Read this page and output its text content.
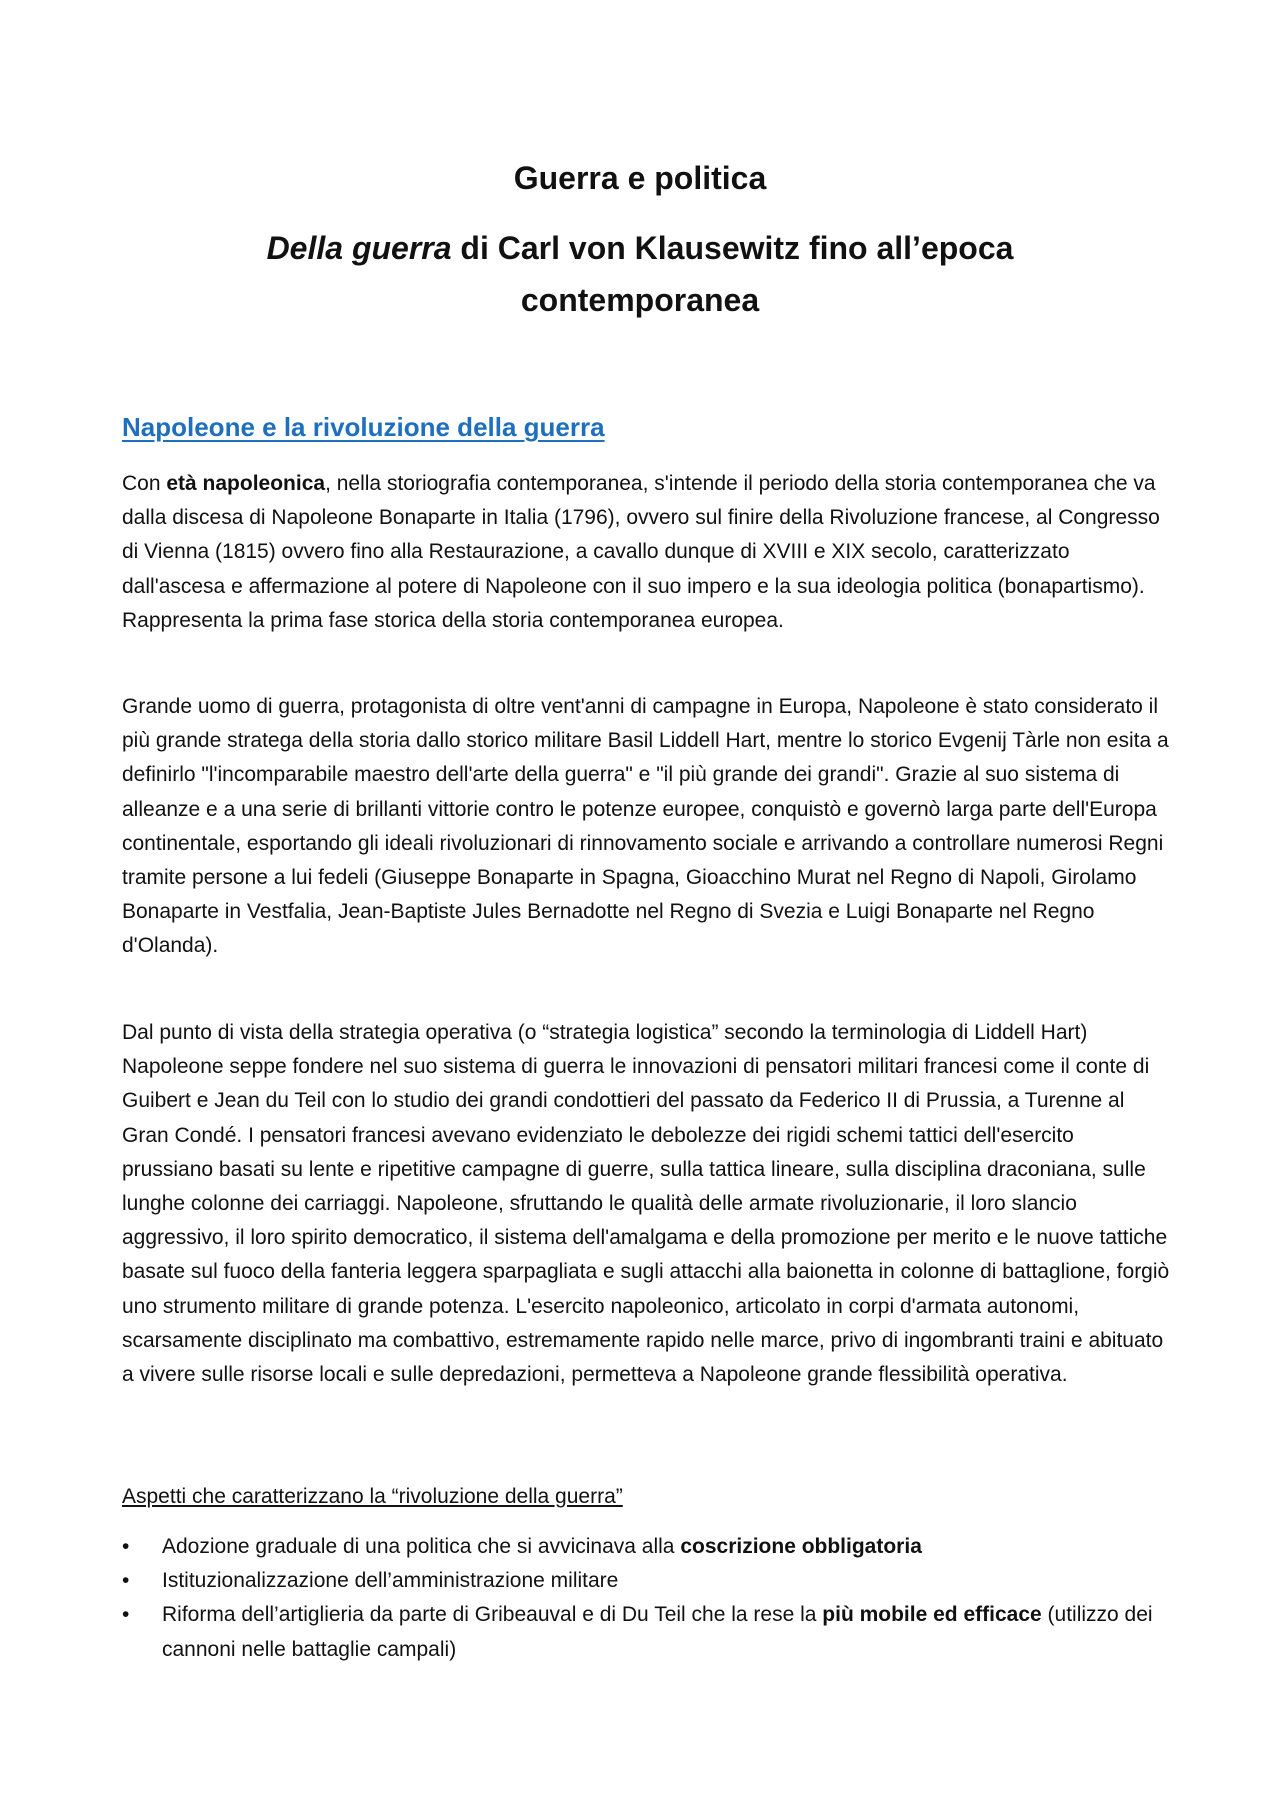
Guerra e politica
Della guerra di Carl von Klausewitz fino all’epoca contemporanea
Napoleone e la rivoluzione della guerra

Con età napoleonica, nella storiografia contemporanea, s'intende il periodo della storia contemporanea che va dalla discesa di Napoleone Bonaparte in Italia (1796), ovvero sul finire della Rivoluzione francese, al Congresso di Vienna (1815) ovvero fino alla Restaurazione, a cavallo dunque di XVIII e XIX secolo, caratterizzato dall'ascesa e affermazione al potere di Napoleone con il suo impero e la sua ideologia politica (bonapartismo). Rappresenta la prima fase storica della storia contemporanea europea.

Grande uomo di guerra, protagonista di oltre vent'anni di campagne in Europa, Napoleone è stato considerato il più grande stratega della storia dallo storico militare Basil Liddell Hart, mentre lo storico Evgenij Tàrle non esita a definirlo "l'incomparabile maestro dell'arte della guerra" e "il più grande dei grandi". Grazie al suo sistema di alleanze e a una serie di brillanti vittorie contro le potenze europee, conquistò e governò larga parte dell'Europa continentale, esportando gli ideali rivoluzionari di rinnovamento sociale e arrivando a controllare numerosi Regni tramite persone a lui fedeli (Giuseppe Bonaparte in Spagna, Gioacchino Murat nel Regno di Napoli, Girolamo Bonaparte in Vestfalia, Jean-Baptiste Jules Bernadotte nel Regno di Svezia e Luigi Bonaparte nel Regno d'Olanda).

Dal punto di vista della strategia operativa (o “strategia logistica” secondo la terminologia di Liddell Hart) Napoleone seppe fondere nel suo sistema di guerra le innovazioni di pensatori militari francesi come il conte di Guibert e Jean du Teil con lo studio dei grandi condottieri del passato da Federico II di Prussia, a Turenne al Gran Condé. I pensatori francesi avevano evidenziato le debolezze dei rigidi schemi tattici dell'esercito prussiano basati su lente e ripetitive campagne di guerre, sulla tattica lineare, sulla disciplina draconiana, sulle lunghe colonne dei carriaggi. Napoleone, sfruttando le qualità delle armate rivoluzionarie, il loro slancio aggressivo, il loro spirito democratico, il sistema dell'amalgama e della promozione per merito e le nuove tattiche basate sul fuoco della fanteria leggera sparpagliata e sugli attacchi alla baionetta in colonne di battaglione, forgiò uno strumento militare di grande potenza. L'esercito napoleonico, articolato in corpi d'armata autonomi, scarsamente disciplinato ma combattivo, estremamente rapido nelle marce, privo di ingombranti traini e abituato a vivere sulle risorse locali e sulle depredazioni, permetteva a Napoleone grande flessibilità operativa.

Aspetti che caratterizzano la “rivoluzione della guerra”

•	Adozione graduale di una politica che si avvicinava alla coscrizione obbligatoria
•	Istituzionalizzazione dell’amministrazione militare
•	Riforma dell’artiglieria da parte di Gribeauval e di Du Teil che la rese la più mobile ed efficace (utilizzo dei cannoni nelle battaglie campali)
